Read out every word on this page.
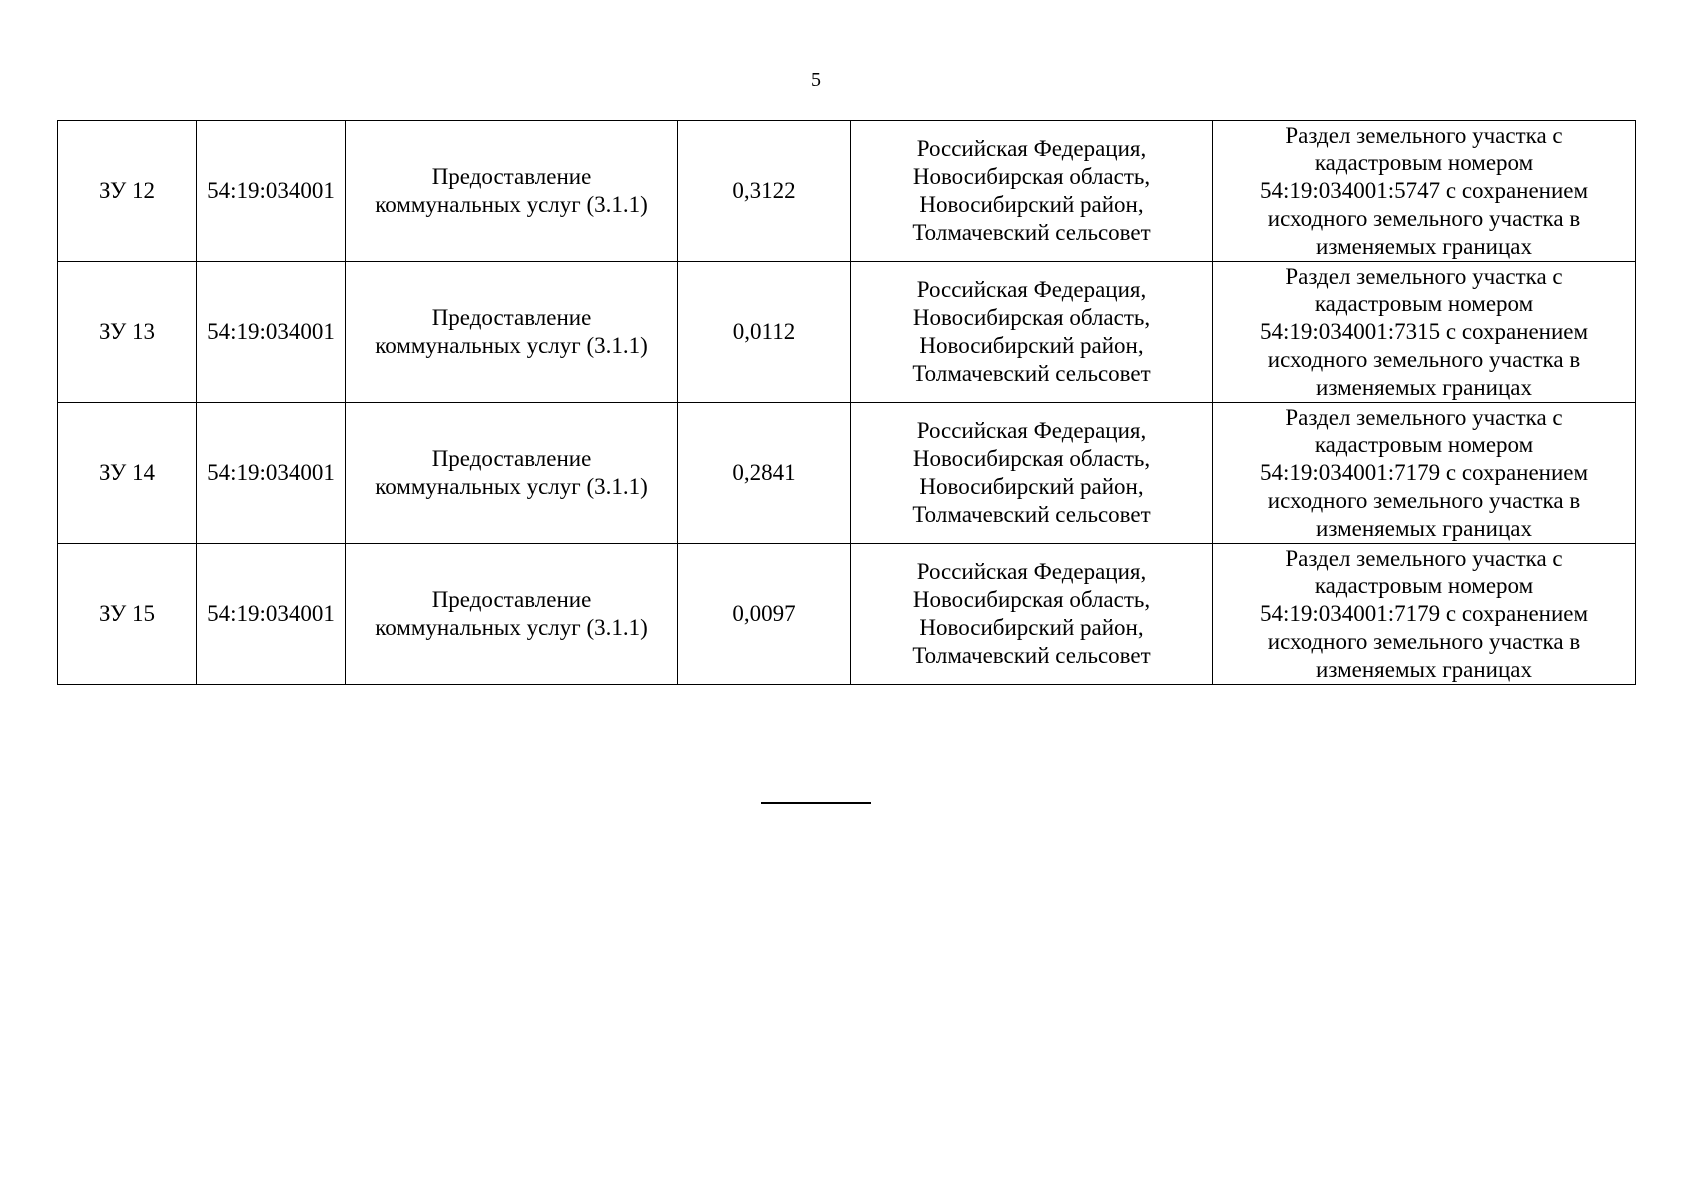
5
ЗУ 12	54:19:034001	Предоставление
коммунальных услуг (3.1.1)	0,3122	Российская Федерация,
Новосибирская область,
Новосибирский район,
Толмачевский сельсовет	Раздел земельного участка с
кадастровым номером
54:19:034001:5747 с сохранением
исходного земельного участка в
изменяемых границах

ЗУ 13	54:19:034001	Предоставление
коммунальных услуг (3.1.1)	0,0112	Российская Федерация,
Новосибирская область,
Новосибирский район,
Толмачевский сельсовет	Раздел земельного участка с
кадастровым номером
54:19:034001:7315 с сохранением
исходного земельного участка в
изменяемых границах

ЗУ 14	54:19:034001	Предоставление
коммунальных услуг (3.1.1)	0,2841	Российская Федерация,
Новосибирская область,
Новосибирский район,
Толмачевский сельсовет	Раздел земельного участка с
кадастровым номером
54:19:034001:7179 с сохранением
исходного земельного участка в
изменяемых границах

ЗУ 15	54:19:034001	Предоставление
коммунальных услуг (3.1.1)	0,0097	Российская Федерация,
Новосибирская область,
Новосибирский район,
Толмачевский сельсовет	Раздел земельного участка с
кадастровым номером
54:19:034001:7179 с сохранением
исходного земельного участка в
изменяемых границах
